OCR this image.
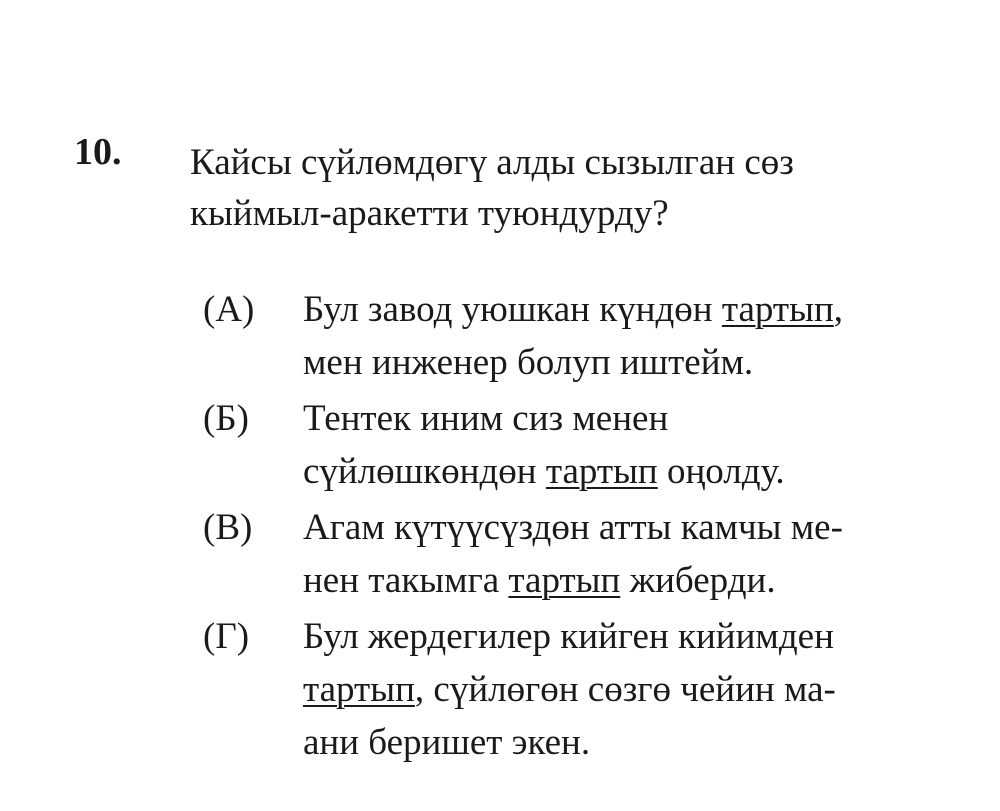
10. Кайсы сүйлөмдөгү алды сызылган сөз
кыймыл-аракетти туюндурду?
(А)	Бул завод уюшкан күндөн тартып,
мен инженер болуп иштейм.
(Б)	Тентек иним сиз менен
сүйлөшкөндөн тартып оңолду.
(В)	Агам күтүүсүздөн атты камчы ме-
нен такымга тартып жиберди.
(Г)	Бул жердегилер кийген кийимден
тартып, сүйлөгөн сөзгө чейин ма-
ани беришет экен.
